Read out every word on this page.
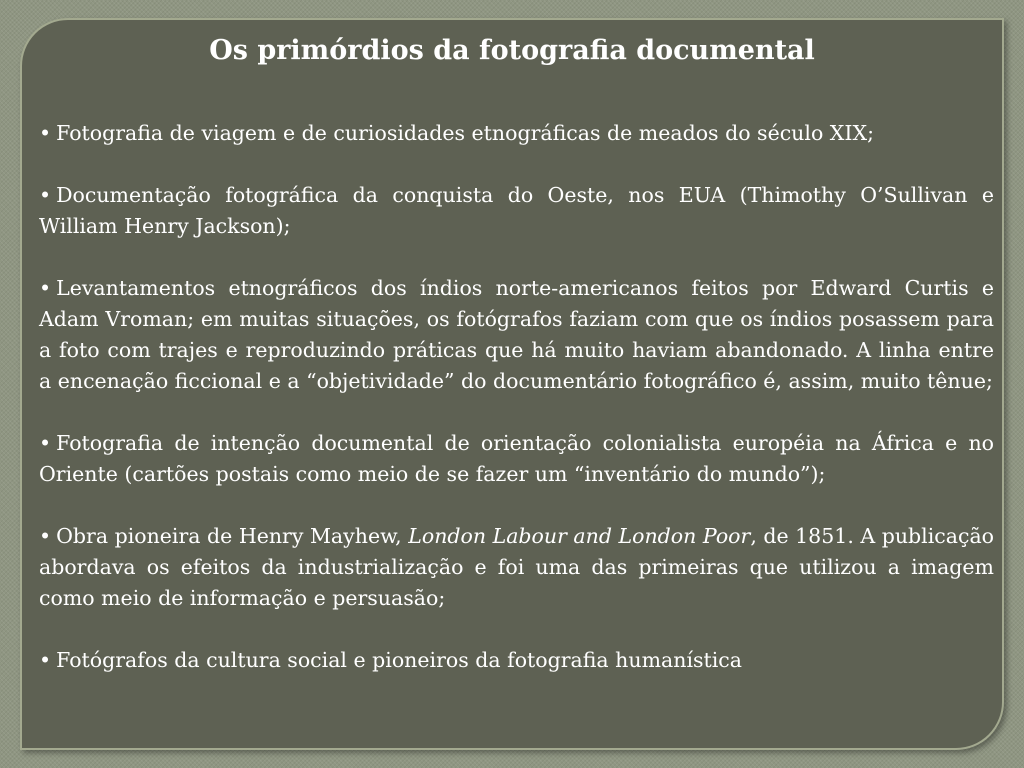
Os primórdios da fotografia documental
• Fotografia de viagem e de curiosidades etnográficas de meados do século XIX;
• Documentação fotográfica da conquista do Oeste, nos EUA (Thimothy O’Sullivan e William Henry Jackson);
• Levantamentos etnográficos dos índios norte-americanos feitos por Edward Curtis e Adam Vroman; em muitas situações, os fotógrafos faziam com que os índios posassem para a foto com trajes e reproduzindo práticas que há muito haviam abandonado. A linha entre a encenação ficcional e a “objetividade” do documentário fotográfico é, assim, muito tênue;
• Fotografia de intenção documental de orientação colonialista européia na África e no Oriente (cartões postais como meio de se fazer um “inventário do mundo”);
• Obra pioneira de Henry Mayhew, London Labour and London Poor, de 1851. A publicação abordava os efeitos da industrialização e foi uma das primeiras que utilizou a imagem como meio de informação e persuasão;
• Fotógrafos da cultura social e pioneiros da fotografia humanística
